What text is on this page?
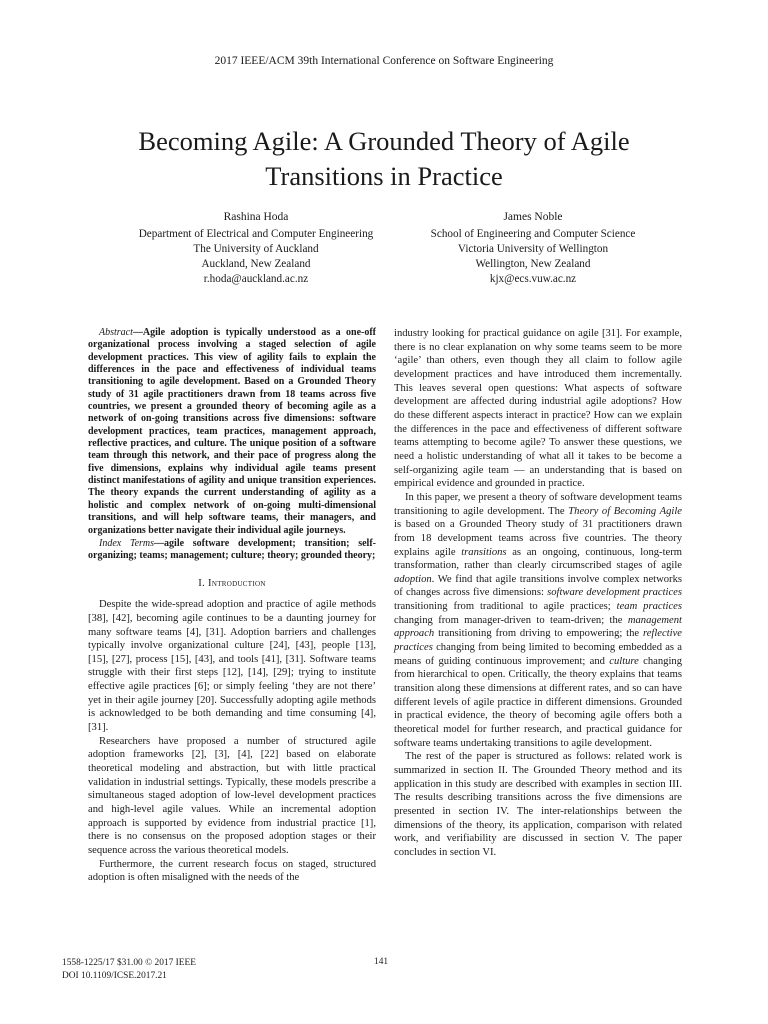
2017 IEEE/ACM 39th International Conference on Software Engineering
Becoming Agile: A Grounded Theory of Agile
Transitions in Practice
Rashina Hoda
Department of Electrical and Computer Engineering
The University of Auckland
Auckland, New Zealand
r.hoda@auckland.ac.nz
James Noble
School of Engineering and Computer Science
Victoria University of Wellington
Wellington, New Zealand
kjx@ecs.vuw.ac.nz

Abstract—Agile adoption is typically understood as a one-off organizational process involving a staged selection of agile development practices. This view of agility fails to explain the differences in the pace and effectiveness of individual teams transitioning to agile development. Based on a Grounded Theory study of 31 agile practitioners drawn from 18 teams across five countries, we present a grounded theory of becoming agile as a network of on-going transitions across five dimensions: software development practices, team practices, management approach, reflective practices, and culture. The unique position of a software team through this network, and their pace of progress along the five dimensions, explains why individual agile teams present distinct manifestations of agility and unique transition experiences. The theory expands the current understanding of agility as a holistic and complex network of on-going multi-dimensional transitions, and will help software teams, their managers, and organizations better navigate their individual agile journeys.

Index Terms—agile software development; transition; self-organizing; teams; management; culture; theory; grounded theory;

I. Introduction

Despite the wide-spread adoption and practice of agile methods [38], [42], becoming agile continues to be a daunting journey for many software teams [4], [31]. Adoption barriers and challenges typically involve organizational culture [24], [43], people [13], [15], [27], process [15], [43], and tools [41], [31]. Software teams struggle with their first steps [12], [14], [29]; trying to institute effective agile practices [6]; or simply feeling ‘they are not there’ yet in their agile journey [20]. Successfully adopting agile methods is acknowledged to be both demanding and time consuming [4], [31].

Researchers have proposed a number of structured agile adoption frameworks [2], [3], [4], [22] based on elaborate theoretical modeling and abstraction, but with little practical validation in industrial settings. Typically, these models prescribe a simultaneous staged adoption of low-level development practices and high-level agile values. While an incremental adoption approach is supported by evidence from industrial practice [1], there is no consensus on the proposed adoption stages or their sequence across the various theoretical models.

Furthermore, the current research focus on staged, structured adoption is often misaligned with the needs of the

industry looking for practical guidance on agile [31]. For example, there is no clear explanation on why some teams seem to be more ‘agile’ than others, even though they all claim to follow agile development practices and have introduced them incrementally. This leaves several open questions: What aspects of software development are affected during industrial agile adoptions? How do these different aspects interact in practice? How can we explain the differences in the pace and effectiveness of different software teams attempting to become agile? To answer these questions, we need a holistic understanding of what all it takes to be become a self-organizing agile team — an understanding that is based on empirical evidence and grounded in practice.

In this paper, we present a theory of software development teams transitioning to agile development. The Theory of Becoming Agile is based on a Grounded Theory study of 31 practitioners drawn from 18 development teams across five countries. The theory explains agile transitions as an ongoing, continuous, long-term transformation, rather than clearly circumscribed stages of agile adoption. We find that agile transitions involve complex networks of changes across five dimensions: software development practices transitioning from traditional to agile practices; team practices changing from manager-driven to team-driven; the management approach transitioning from driving to empowering; the reflective practices changing from being limited to becoming embedded as a means of guiding continuous improvement; and culture changing from hierarchical to open. Critically, the theory explains that teams transition along these dimensions at different rates, and so can have different levels of agile practice in different dimensions. Grounded in practical evidence, the theory of becoming agile offers both a theoretical model for further research, and practical guidance for software teams undertaking transitions to agile development.

The rest of the paper is structured as follows: related work is summarized in section II. The Grounded Theory method and its application in this study are described with examples in section III. The results describing transitions across the five dimensions are presented in section IV. The inter-relationships between the dimensions of the theory, its application, comparison with related work, and verifiability are discussed in section V. The paper concludes in section VI.

1558-1225/17 $31.00 © 2017 IEEE
DOI 10.1109/ICSE.2017.21
141
